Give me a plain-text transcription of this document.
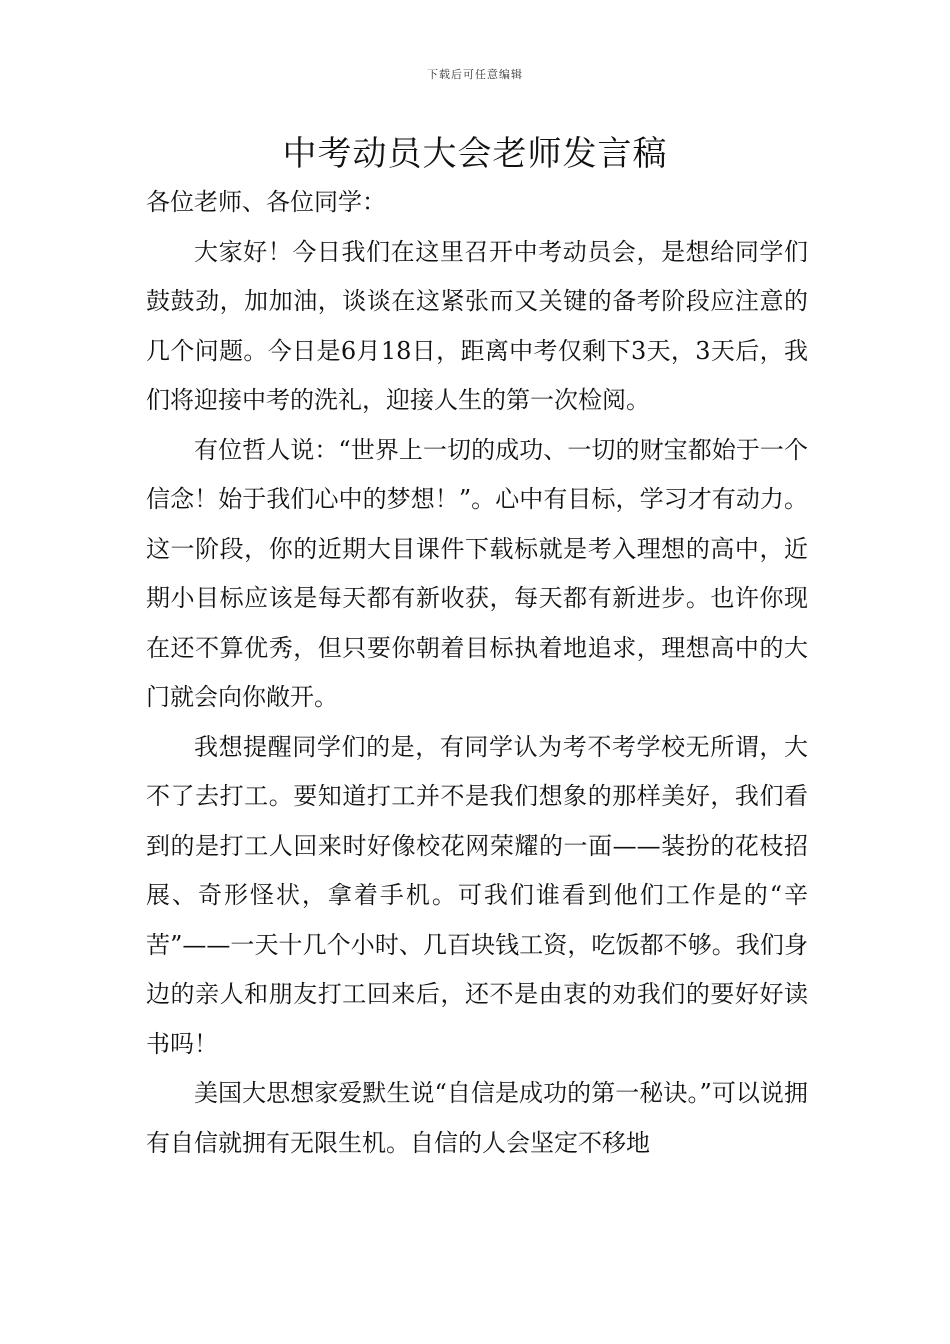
下载后可任意编辑
中考动员大会老师发言稿

各位老师、各位同学：

大家好！今日我们在这里召开中考动员会，是想给同学们鼓鼓劲，加加油，谈谈在这紧张而又关键的备考阶段应注意的几个问题。今日是6月18日，距离中考仅剩下3天，3天后，我们将迎接中考的洗礼，迎接人生的第一次检阅。

有位哲人说：“世界上一切的成功、一切的财宝都始于一个信念！始于我们心中的梦想！”。心中有目标，学习才有动力。这一阶段，你的近期大目课件下载标就是考入理想的高中，近期小目标应该是每天都有新收获，每天都有新进步。也许你现在还不算优秀，但只要你朝着目标执着地追求，理想高中的大门就会向你敞开。

我想提醒同学们的是，有同学认为考不考学校无所谓，大不了去打工。要知道打工并不是我们想象的那样美好，我们看到的是打工人回来时好像校花网荣耀的一面——装扮的花枝招展、奇形怪状，拿着手机。可我们谁看到他们工作是的“辛苦”——一天十几个小时、几百块钱工资，吃饭都不够。我们身边的亲人和朋友打工回来后，还不是由衷的劝我们的要好好读书吗！

美国大思想家爱默生说“自信是成功的第一秘诀。”可以说拥有自信就拥有无限生机。自信的人会坚定不移地
